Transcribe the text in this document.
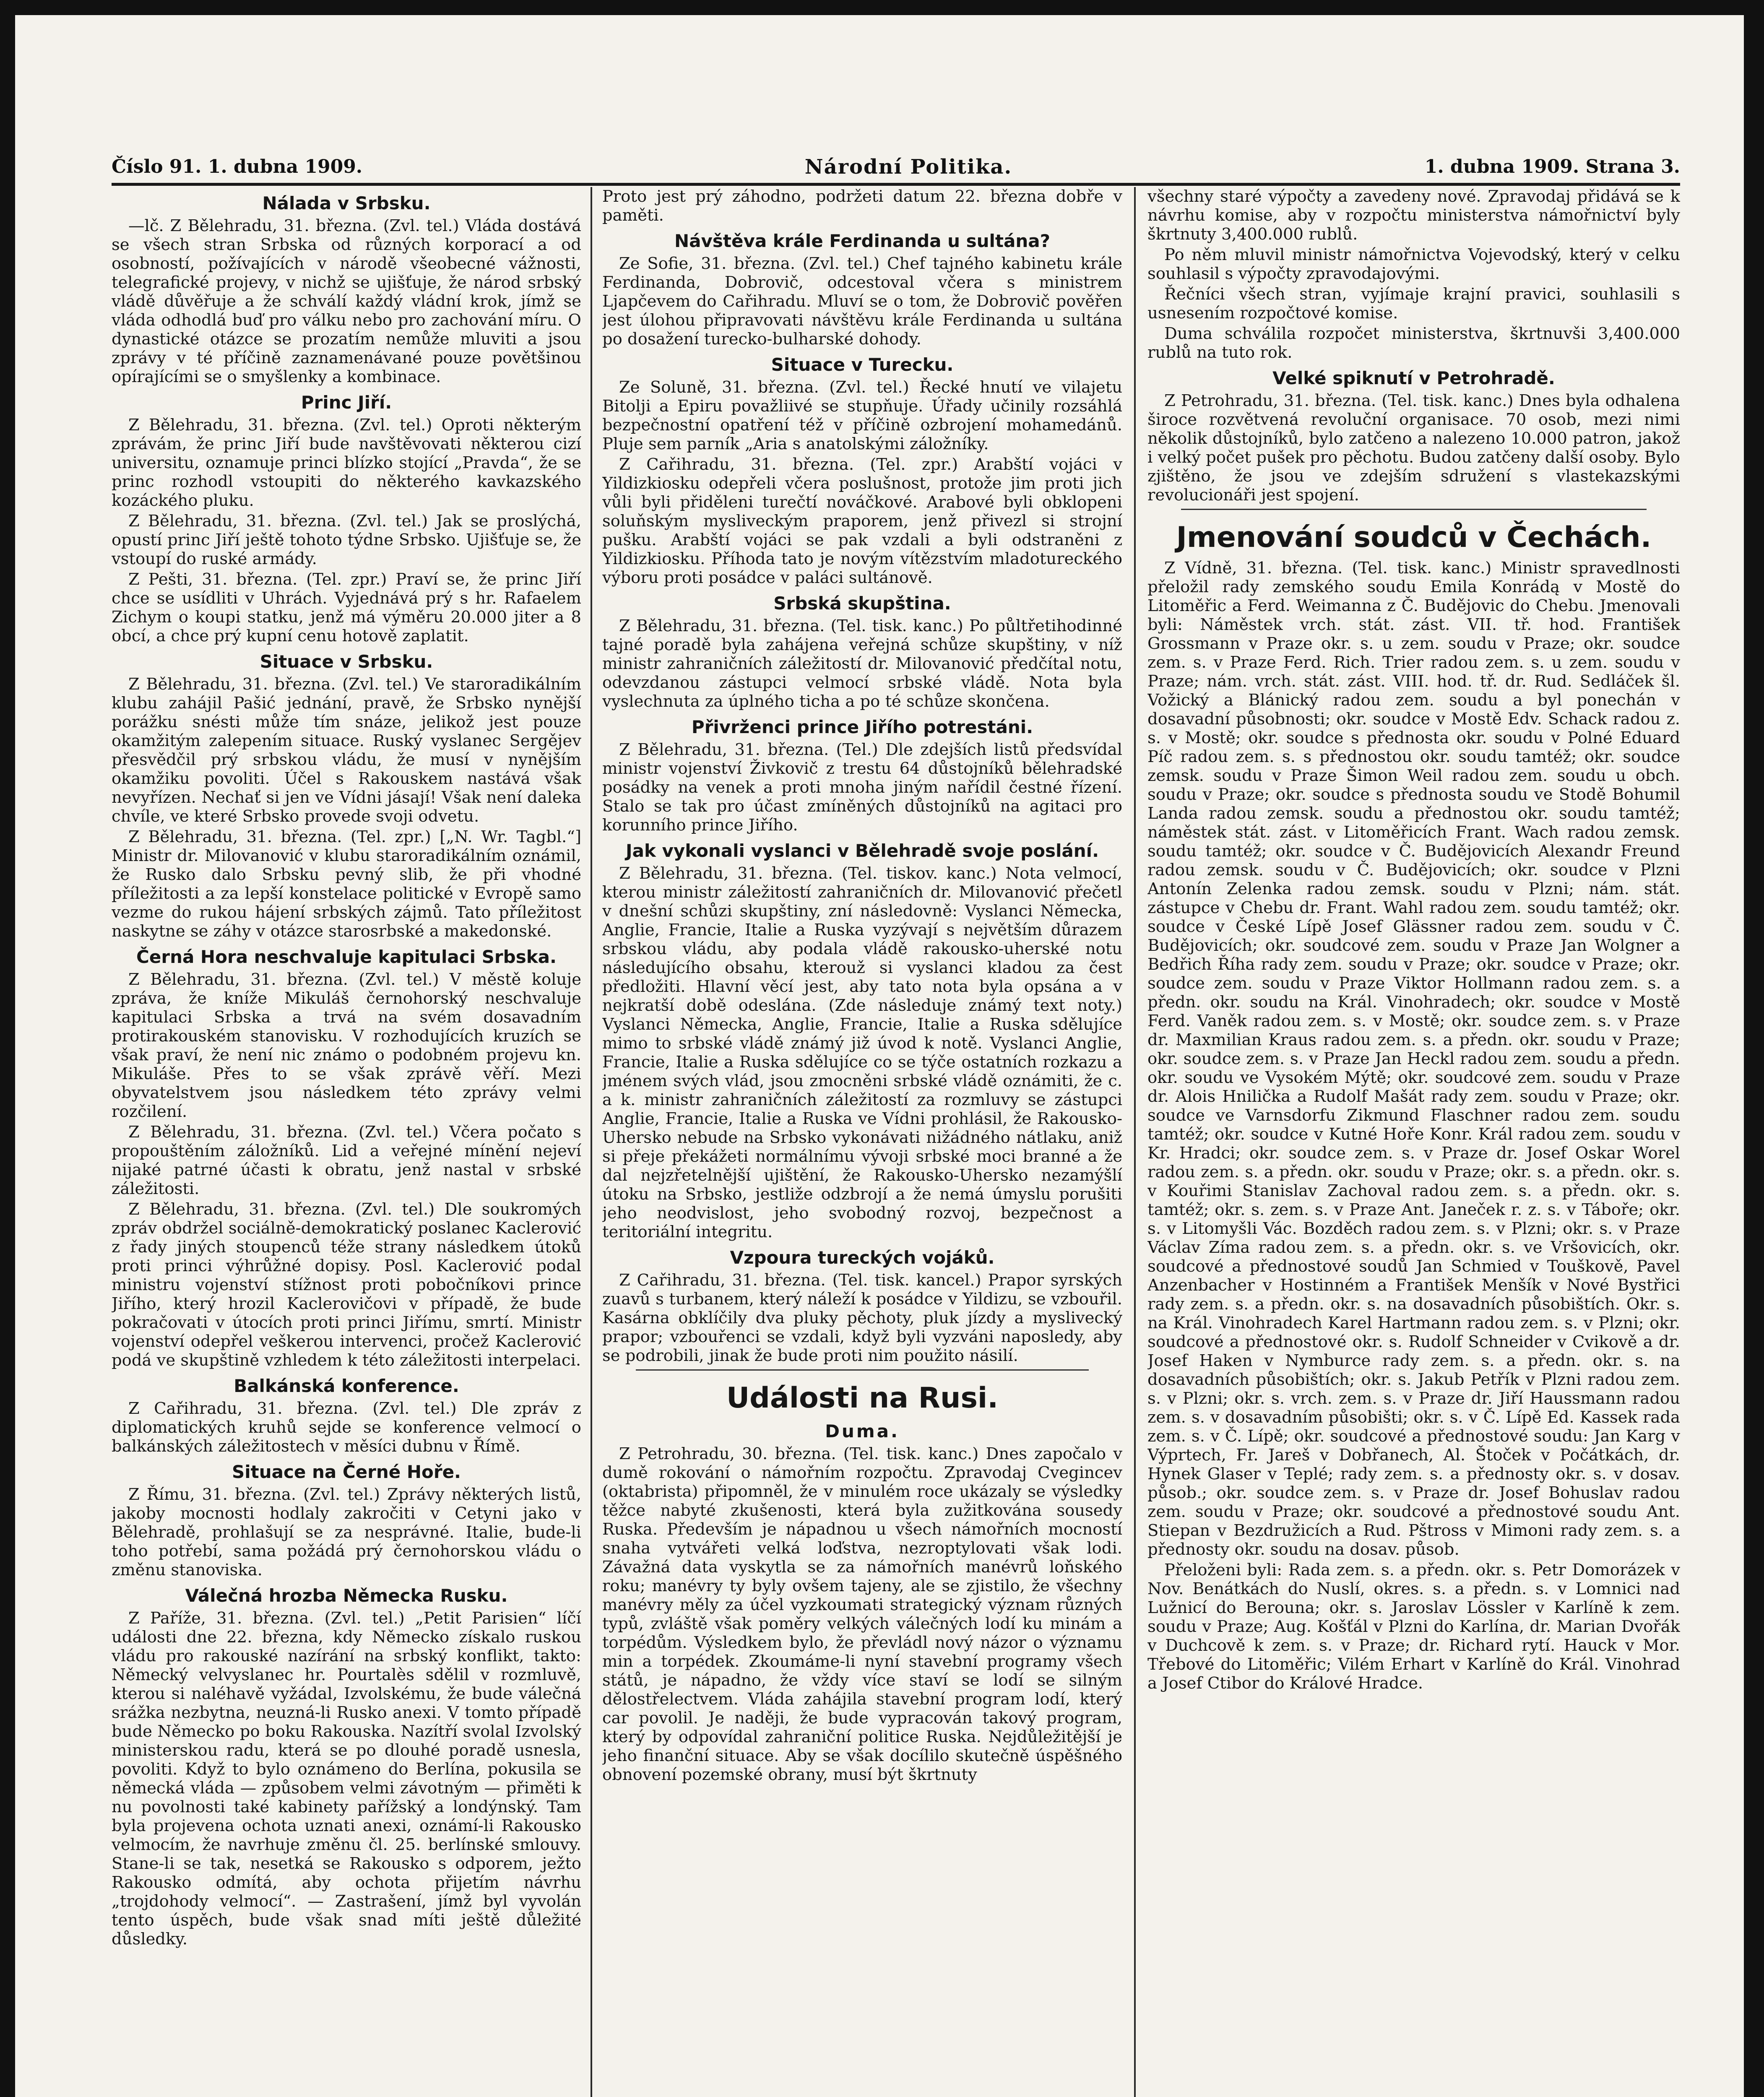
Číslo 91. 1. dubna 1909.	Národní Politika.	1. dubna 1909. Strana 3.
Nálada v Srbsku.

—lč. Z Bělehradu, 31. března. (Zvl. tel.) Vláda dostává se všech stran Srbska od různých korporací a od osobností, požívajících v národě všeobecné vážnosti, telegrafické projevy, v nichž se ujišťuje, že národ srbský vládě důvěřuje a že schválí každý vládní krok, jímž se vláda odhodlá buď pro válku nebo pro zachování míru. O dynastické otázce se prozatím nemůže mluviti a jsou zprávy v té příčině zaznamenávané pouze povětšinou opírajícími se o smyšlenky a kombinace.

Princ Jiří.

Z Bělehradu, 31. března. (Zvl. tel.) Oproti některým zprávám, že princ Jiří bude navštěvovati některou cizí universitu, oznamuje princi blízko stojící „Pravda“, že se princ rozhodl vstoupiti do některého kavkazského kozáckého pluku.

Z Bělehradu, 31. března. (Zvl. tel.) Jak se proslýchá, opustí princ Jiří ještě tohoto týdne Srbsko. Ujišťuje se, že vstoupí do ruské armády.

Z Pešti, 31. března. (Tel. zpr.) Praví se, že princ Jiří chce se usídliti v Uhrách. Vyjednává prý s hr. Rafaelem Zichym o koupi statku, jenž má výměru 20.000 jiter a 8 obcí, a chce prý kupní cenu hotově zaplatit.

Situace v Srbsku.

Z Bělehradu, 31. března. (Zvl. tel.) Ve staroradikálním klubu zahájil Pašić jednání, pravě, že Srbsko nynější porážku snésti může tím snáze, jelikož jest pouze okamžitým zalepením situace. Ruský vyslanec Sergějev přesvědčil prý srbskou vládu, že musí v nynějším okamžiku povoliti. Účel s Rakouskem nastává však nevyřízen. Nechať si jen ve Vídni jásají! Však není daleka chvíle, ve které Srbsko provede svoji odvetu.

Z Bělehradu, 31. března. (Tel. zpr.) [„N. Wr. Tagbl.“] Ministr dr. Milovanović v klubu staroradikálním oznámil, že Rusko dalo Srbsku pevný slib, že při vhodné příležitosti a za lepší konstelace politické v Evropě samo vezme do rukou hájení srbských zájmů. Tato příležitost naskytne se záhy v otázce starosrbské a makedonské.

Černá Hora neschvaluje kapitulaci Srbska.

Z Bělehradu, 31. března. (Zvl. tel.) V městě koluje zpráva, že kníže Mikuláš černohorský neschvaluje kapitulaci Srbska a trvá na svém dosavadním protirakouském stanovisku. V rozhodujících kruzích se však praví, že není nic známo o podobném projevu kn. Mikuláše. Přes to se však zprávě věří. Mezi obyvatelstvem jsou následkem této zprávy velmi rozčilení.

Z Bělehradu, 31. března. (Zvl. tel.) Včera počato s propouštěním záložníků. Lid a veřejné mínění nejeví nijaké patrné účasti k obratu, jenž nastal v srbské záležitosti.

Z Bělehradu, 31. března. (Zvl. tel.) Dle soukromých zpráv obdržel sociálně-demokratický poslanec Kaclerović z řady jiných stoupenců téže strany následkem útoků proti princi výhrůžné dopisy. Posl. Kaclerović podal ministru vojenství stížnost proti pobočníkovi prince Jiřího, který hrozil Kaclerovičovi v případě, že bude pokračovati v útocích proti princi Jiřímu, smrtí. Ministr vojenství odepřel veškerou intervenci, pročež Kaclerović podá ve skupštině vzhledem k této záležitosti interpelaci.

Balkánská konference.

Z Cařihradu, 31. března. (Zvl. tel.) Dle zpráv z diplomatických kruhů sejde se konference velmocí o balkánských záležitostech v měsíci dubnu v Římě.

Situace na Černé Hoře.

Z Římu, 31. března. (Zvl. tel.) Zprávy některých listů, jakoby mocnosti hodlaly zakročiti v Cetyni jako v Bělehradě, prohlašují se za nesprávné. Italie, bude-li toho potřebí, sama požádá prý černohorskou vládu o změnu stanoviska.

Válečná hrozba Německa Rusku.

Z Paříže, 31. března. (Zvl. tel.) „Petit Parisien“ líčí události dne 22. března, kdy Německo získalo ruskou vládu pro rakouské nazírání na srbský konflikt, takto: Německý velvyslanec hr. Pourtalès sdělil v rozmluvě, kterou si naléhavě vyžádal, Izvolskému, že bude válečná srážka nezbytna, neuzná-li Rusko anexi. V tomto případě bude Německo po boku Rakouska. Nazítří svolal Izvolský ministerskou radu, která se po dlouhé poradě usnesla, povoliti. Když to bylo oznámeno do Berlína, pokusila se německá vláda — způsobem velmi závotným — přiměti k nu povolnosti také kabinety pařížský a londýnský. Tam byla projevena ochota uznati anexi, oznámí-li Rakousko velmocím, že navrhuje změnu čl. 25. berlínské smlouvy. Stane-li se tak, nesetká se Rakousko s odporem, ježto Rakousko odmítá, aby ochota přijetím návrhu „trojdohody velmocí“. — Zastrašení, jímž byl vyvolán tento úspěch, bude však snad míti ještě důležité důsledky.

Proto jest prý záhodno, podržeti datum 22. března dobře v paměti.

Návštěva krále Ferdinanda u sultána?

Ze Sofie, 31. března. (Zvl. tel.) Chef tajného kabinetu krále Ferdinanda, Dobrovič, odcestoval včera s ministrem Ljapčevem do Cařihradu. Mluví se o tom, že Dobrovič pověřen jest úlohou připravovati návštěvu krále Ferdinanda u sultána po dosažení turecko-bulharské dohody.

Situace v Turecku.

Ze Soluně, 31. března. (Zvl. tel.) Řecké hnutí ve vilajetu Bitolji a Epiru považliivé se stupňuje. Úřady učinily rozsáhlá bezpečnostní opatření též v příčině ozbrojení mohamedánů. Pluje sem parník „Aria s anatolskými záložníky.

Z Cařihradu, 31. března. (Tel. zpr.) Arabští vojáci v Yildizkiosku odepřeli včera poslušnost, protože jim proti jich vůli byli přiděleni turečtí nováčkové. Arabové byli obklopeni soluňským mysliveckým praporem, jenž přivezl si strojní pušku. Arabští vojáci se pak vzdali a byli odstraněni z Yildizkiosku. Příhoda tato je novým vítězstvím mladotureckého výboru proti posádce v paláci sultánově.

Srbská skupština.

Z Bělehradu, 31. března. (Tel. tisk. kanc.) Po půltřetihodinné tajné poradě byla zahájena veřejná schůze skupštiny, v níž ministr zahraničních záležitostí dr. Milovanović předčítal notu, odevzdanou zástupci velmocí srbské vládě. Nota byla vyslechnuta za úplného ticha a po té schůze skončena.

Přivrženci prince Jiřího potrestáni.

Z Bělehradu, 31. března. (Tel.) Dle zdejších listů předsvídal ministr vojenství Živkovič z trestu 64 důstojníků bělehradské posádky na venek a proti mnoha jiným nařídil čestné řízení. Stalo se tak pro účast zmíněných důstojníků na agitaci pro korunního prince Jiřího.

Jak vykonali vyslanci v Bělehradě svoje poslání.

Z Bělehradu, 31. března. (Tel. tiskov. kanc.) Nota velmocí, kterou ministr záležitostí zahraničních dr. Milovanović přečetl v dnešní schůzi skupštiny, zní následovně: Vyslanci Německa, Anglie, Francie, Italie a Ruska vyzývají s největším důrazem srbskou vládu, aby podala vládě rakousko-uherské notu následujícího obsahu, kterouž si vyslanci kladou za čest předložiti. Hlavní věcí jest, aby tato nota byla opsána a v nejkratší době odeslána. (Zde následuje známý text noty.) Vyslanci Německa, Anglie, Francie, Italie a Ruska sdělujíce mimo to srbské vládě známý již úvod k notě. Vyslanci Anglie, Francie, Italie a Ruska sdělujíce co se týče ostatních rozkazu a jménem svých vlád, jsou zmocněni srbské vládě oznámiti, že c. a k. ministr zahraničních záležitostí za rozmluvy se zástupci Anglie, Francie, Italie a Ruska ve Vídni prohlásil, že Rakousko-Uhersko nebude na Srbsko vykonávati nižádného nátlaku, aniž si přeje překážeti normálnímu vývoji srbské moci branné a že dal nejzřetelnější ujištění, že Rakousko-Uhersko nezamýšlí útoku na Srbsko, jestliže odzbrojí a že nemá úmyslu porušiti jeho neodvislost, jeho svobodný rozvoj, bezpečnost a teritoriální integritu.

Vzpoura tureckých vojáků.

Z Cařihradu, 31. března. (Tel. tisk. kancel.) Prapor syrských zuavů s turbanem, který náleží k posádce v Yildizu, se vzbouřil. Kasárna obklíčily dva pluky pěchoty, pluk jízdy a myslivecký prapor; vzbouřenci se vzdali, když byli vyzváni naposledy, aby se podrobili, jinak že bude proti nim použito násilí.

Události na Rusi.
Duma.

Z Petrohradu, 30. března. (Tel. tisk. kanc.) Dnes započalo v dumě rokování o námořním rozpočtu. Zpravodaj Cvegincev (oktabrista) připomněl, že v minulém roce ukázaly se výsledky těžce nabyté zkušenosti, která byla zužitkována sousedy Ruska. Především je nápadnou u všech námořních mocností snaha vytvářeti velká loďstva, nezroptylovati však lodi. Závažná data vyskytla se za námořních manévrů loňského roku; manévry ty byly ovšem tajeny, ale se zjistilo, že všechny manévry měly za účel vyzkoumati strategický význam různých typů, zvláště však poměry velkých válečných lodí ku minám a torpédům. Výsledkem bylo, že převládl nový názor o významu min a torpédek. Zkoumáme-li nyní stavební programy všech států, je nápadno, že vždy více staví se lodí se silným dělostřelectvem. Vláda zahájila stavební program lodí, který car povolil. Je naději, že bude vypracován takový program, který by odpovídal zahraniční politice Ruska. Nejdůležitější je jeho finanční situace. Aby se však docílilo skutečně úspěšného obnovení pozemské obrany, musí být škrtnuty

všechny staré výpočty a zavedeny nové. Zpravodaj přidává se k návrhu komise, aby v rozpočtu ministerstva námořnictví byly škrtnuty 3,400.000 rublů.

Po něm mluvil ministr námořnictva Vojevodský, který v celku souhlasil s výpočty zpravodajovými.

Řečníci všech stran, vyjímaje krajní pravici, souhlasili s usnesením rozpočtové komise.

Duma schválila rozpočet ministerstva, škrtnuvši 3,400.000 rublů na tuto rok.

Velké spiknutí v Petrohradě.

Z Petrohradu, 31. března. (Tel. tisk. kanc.) Dnes byla odhalena široce rozvětvená revoluční organisace. 70 osob, mezi nimi několik důstojníků, bylo zatčeno a nalezeno 10.000 patron, jakož i velký počet pušek pro pěchotu. Budou zatčeny další osoby. Bylo zjištěno, že jsou ve zdejším sdružení s vlastekazskými revolucionáři jest spojení.

Jmenování soudců v Čechách.

Z Vídně, 31. března. (Tel. tisk. kanc.) Ministr spravedlnosti přeložil rady zemského soudu Emila Konrádą v Mostě do Litoměřic a Ferd. Weimanna z Č. Budějovic do Chebu. Jmenovali byli: Náměstek vrch. stát. zást. VII. tř. hod. František Grossmann v Praze okr. s. u zem. soudu v Praze; okr. soudce zem. s. v Praze Ferd. Rich. Trier radou zem. s. u zem. soudu v Praze; nám. vrch. stát. zást. VIII. hod. tř. dr. Rud. Sedláček šl. Vožický a Blánický radou zem. soudu a byl ponechán v dosavadní působnosti; okr. soudce v Mostě Edv. Schack radou z. s. v Mostě; okr. soudce s přednosta okr. soudu v Polné Eduard Píč radou zem. s. s přednostou okr. soudu tamtéž; okr. soudce zemsk. soudu v Praze Šimon Weil radou zem. soudu u obch. soudu v Praze; okr. soudce s přednosta soudu ve Stodě Bohumil Landa radou zemsk. soudu a přednostou okr. soudu tamtéž; náměstek stát. zást. v Litoměřicích Frant. Wach radou zemsk. soudu tamtéž; okr. soudce v Č. Budějovicích Alexandr Freund radou zemsk. soudu v Č. Budějovicích; okr. soudce v Plzni Antonín Zelenka radou zemsk. soudu v Plzni; nám. stát. zástupce v Chebu dr. Frant. Wahl radou zem. soudu tamtéž; okr. soudce v České Lípě Josef Glässner radou zem. soudu v Č. Budějovicích; okr. soudcové zem. soudu v Praze Jan Wolgner a Bedřich Říha rady zem. soudu v Praze; okr. soudce v Praze; okr. soudce zem. soudu v Praze Viktor Hollmann radou zem. s. a předn. okr. soudu na Král. Vinohradech; okr. soudce v Mostě Ferd. Vaněk radou zem. s. v Mostě; okr. soudce zem. s. v Praze dr. Maxmilian Kraus radou zem. s. a předn. okr. soudu v Praze; okr. soudce zem. s. v Praze Jan Heckl radou zem. soudu a předn. okr. soudu ve Vysokém Mýtě; okr. soudcové zem. soudu v Praze dr. Alois Hnilička a Rudolf Mašát rady zem. soudu v Praze; okr. soudce ve Varnsdorfu Zikmund Flaschner radou zem. soudu tamtéž; okr. soudce v Kutné Hoře Konr. Král radou zem. soudu v Kr. Hradci; okr. soudce zem. s. v Praze dr. Josef Oskar Worel radou zem. s. a předn. okr. soudu v Praze; okr. s. a předn. okr. s. v Kouřimi Stanislav Zachoval radou zem. s. a předn. okr. s. tamtéž; okr. s. zem. s. v Praze Ant. Janeček r. z. s. v Táboře; okr. s. v Litomyšli Vác. Bozděch radou zem. s. v Plzni; okr. s. v Praze Václav Zíma radou zem. s. a předn. okr. s. ve Vršovicích, okr. soudcové a přednostové soudů Jan Schmied v Touškově, Pavel Anzenbacher v Hostinném a František Menšík v Nové Bystřici rady zem. s. a předn. okr. s. na dosavadních působištích. Okr. s. na Král. Vinohradech Karel Hartmann radou zem. s. v Plzni; okr. soudcové a přednostové okr. s. Rudolf Schneider v Cvikově a dr. Josef Haken v Nymburce rady zem. s. a předn. okr. s. na dosavadních působištích; okr. s. Jakub Petřík v Plzni radou zem. s. v Plzni; okr. s. vrch. zem. s. v Praze dr. Jiří Haussmann radou zem. s. v dosavadním působišti; okr. s. v Č. Lípě Ed. Kassek rada zem. s. v Č. Lípě; okr. soudcové a přednostové soudu: Jan Karg v Výprtech, Fr. Jareš v Dobřanech, Al. Štoček v Počátkách, dr. Hynek Glaser v Teplé; rady zem. s. a přednosty okr. s. v dosav. působ.; okr. soudce zem. s. v Praze dr. Josef Bohuslav radou zem. soudu v Praze; okr. soudcové a přednostové soudu Ant. Stiepan v Bezdružicích a Rud. Pštross v Mimoni rady zem. s. a přednosty okr. soudu na dosav. působ.

Přeloženi byli: Rada zem. s. a předn. okr. s. Petr Domorázek v Nov. Benátkách do Nuslí, okres. s. a předn. s. v Lomnici nad Lužnicí do Berouna; okr. s. Jaroslav Lössler v Karlíně k zem. soudu v Praze; Aug. Košťál v Plzni do Karlína, dr. Marian Dvořák v Duchcově k zem. s. v Praze; dr. Richard rytí. Hauck v Mor. Třebové do Litoměřic; Vilém Erhart v Karlíně do Král. Vinohrad a Josef Ctibor do Králové Hradce.
